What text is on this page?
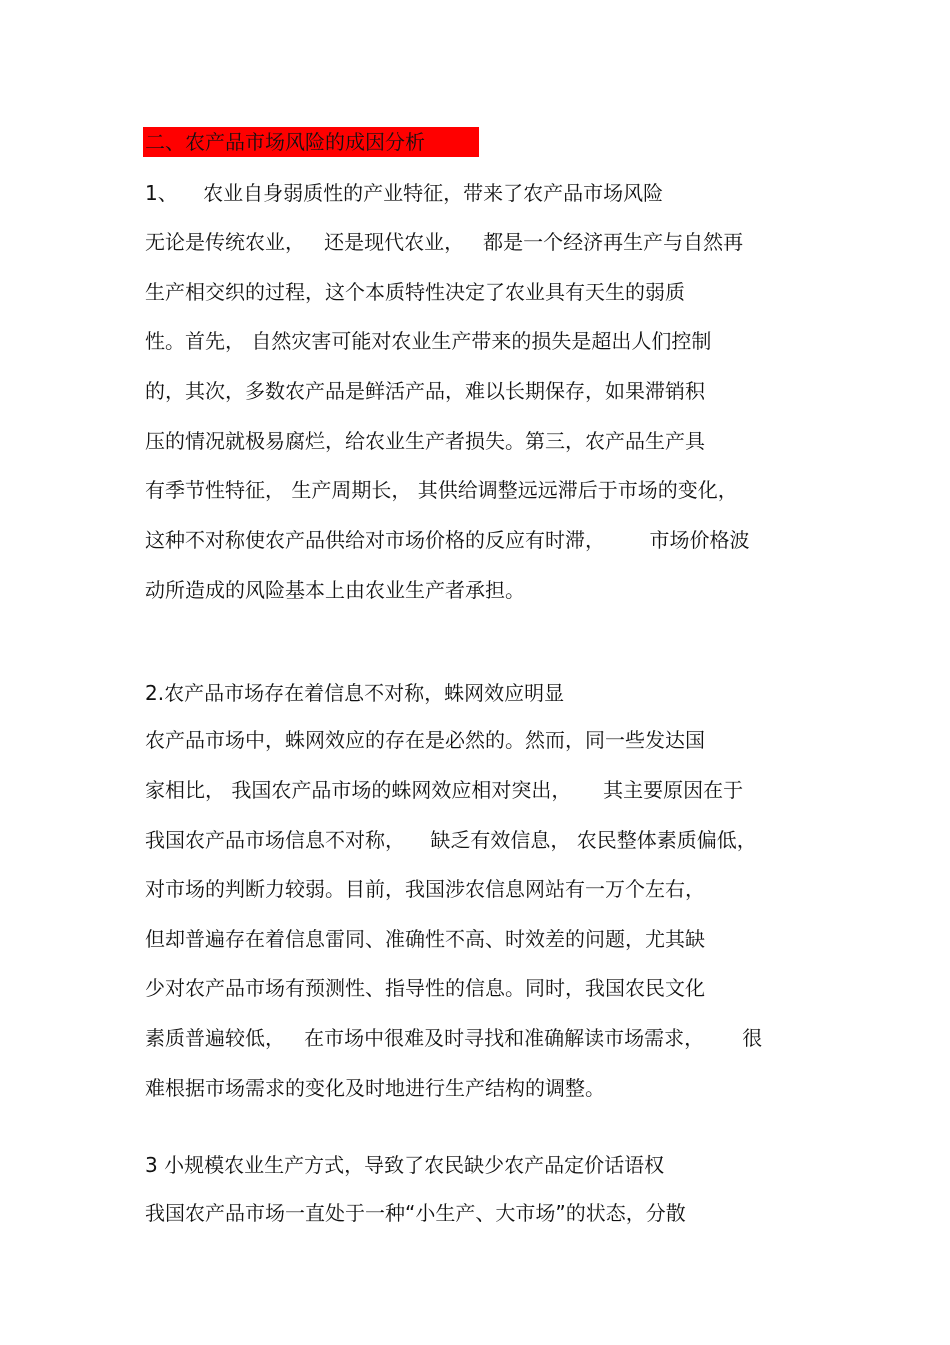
二、农产品市场风险的成因分析
1、    农业自身弱质性的产业特征，带来了农产品市场风险
无论是传统农业，   还是现代农业，   都是一个经济再生产与自然再
生产相交织的过程，这个本质特性决定了农业具有天生的弱质
性。首先， 自然灾害可能对农业生产带来的损失是超出人们控制
的，其次，多数农产品是鲜活产品，难以长期保存，如果滞销积
压的情况就极易腐烂，给农业生产者损失。第三，农产品生产具
有季节性特征， 生产周期长， 其供给调整远远滞后于市场的变化，
这种不对称使农产品供给对市场价格的反应有时滞，       市场价格波
动所造成的风险基本上由农业生产者承担。
2.农产品市场存在着信息不对称，蛛网效应明显
农产品市场中，蛛网效应的存在是必然的。然而，同一些发达国
家相比， 我国农产品市场的蛛网效应相对突出，     其主要原因在于
我国农产品市场信息不对称，    缺乏有效信息， 农民整体素质偏低，
对市场的判断力较弱。目前，我国涉农信息网站有一万个左右，
但却普遍存在着信息雷同、准确性不高、时效差的问题，尤其缺
少对农产品市场有预测性、指导性的信息。同时，我国农民文化
素质普遍较低，   在市场中很难及时寻找和准确解读市场需求，      很
难根据市场需求的变化及时地进行生产结构的调整。
3 小规模农业生产方式，导致了农民缺少农产品定价话语权
我国农产品市场一直处于一种“小生产、大市场”的状态，分散
